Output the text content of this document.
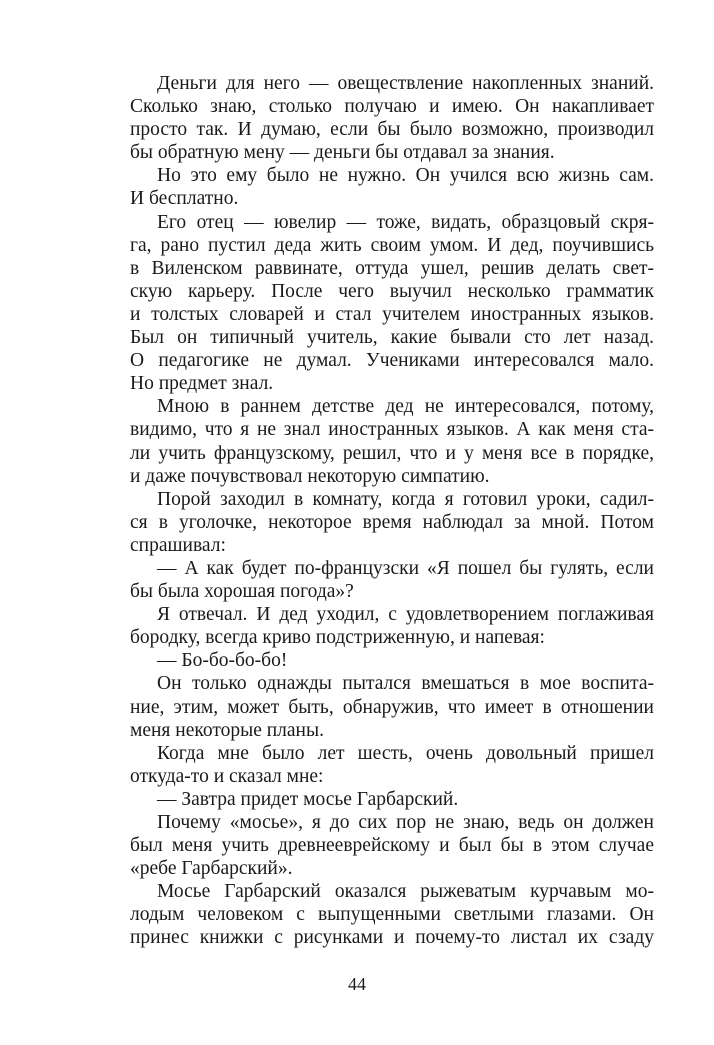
Деньги для него — овеществление накопленных знаний.
Сколько знаю, столько получаю и имею. Он накапливает
просто так. И думаю, если бы было возможно, производил
бы обратную мену — деньги бы отдавал за знания.
Но это ему было не нужно. Он учился всю жизнь сам.
И бесплатно.
Его отец — ювелир — тоже, видать, образцовый скря-
га, рано пустил деда жить своим умом. И дед, поучившись
в Виленском раввинате, оттуда ушел, решив делать свет-
скую карьеру. После чего выучил несколько грамматик
и толстых словарей и стал учителем иностранных языков.
Был он типичный учитель, какие бывали сто лет назад.
О педагогике не думал. Учениками интересовался мало.
Но предмет знал.
Мною в раннем детстве дед не интересовался, потому,
видимо, что я не знал иностранных языков. А как меня ста-
ли учить французскому, решил, что и у меня все в порядке,
и даже почувствовал некоторую симпатию.
Порой заходил в комнату, когда я готовил уроки, садил-
ся в уголочке, некоторое время наблюдал за мной. Потом
спрашивал:
— А как будет по-французски «Я пошел бы гулять, если
бы была хорошая погода»?
Я отвечал. И дед уходил, с удовлетворением поглаживая
бородку, всегда криво подстриженную, и напевая:
— Бо-бо-бо-бо!
Он только однажды пытался вмешаться в мое воспита-
ние, этим, может быть, обнаружив, что имеет в отношении
меня некоторые планы.
Когда мне было лет шесть, очень довольный пришел
откуда-то и сказал мне:
— Завтра придет мосье Гарбарский.
Почему «мосье», я до сих пор не знаю, ведь он должен
был меня учить древнееврейскому и был бы в этом случае
«ребе Гарбарский».
Мосье Гарбарский оказался рыжеватым курчавым мо-
лодым человеком с выпущенными светлыми глазами. Он
принес книжки с рисунками и почему-то листал их сзаду
44
